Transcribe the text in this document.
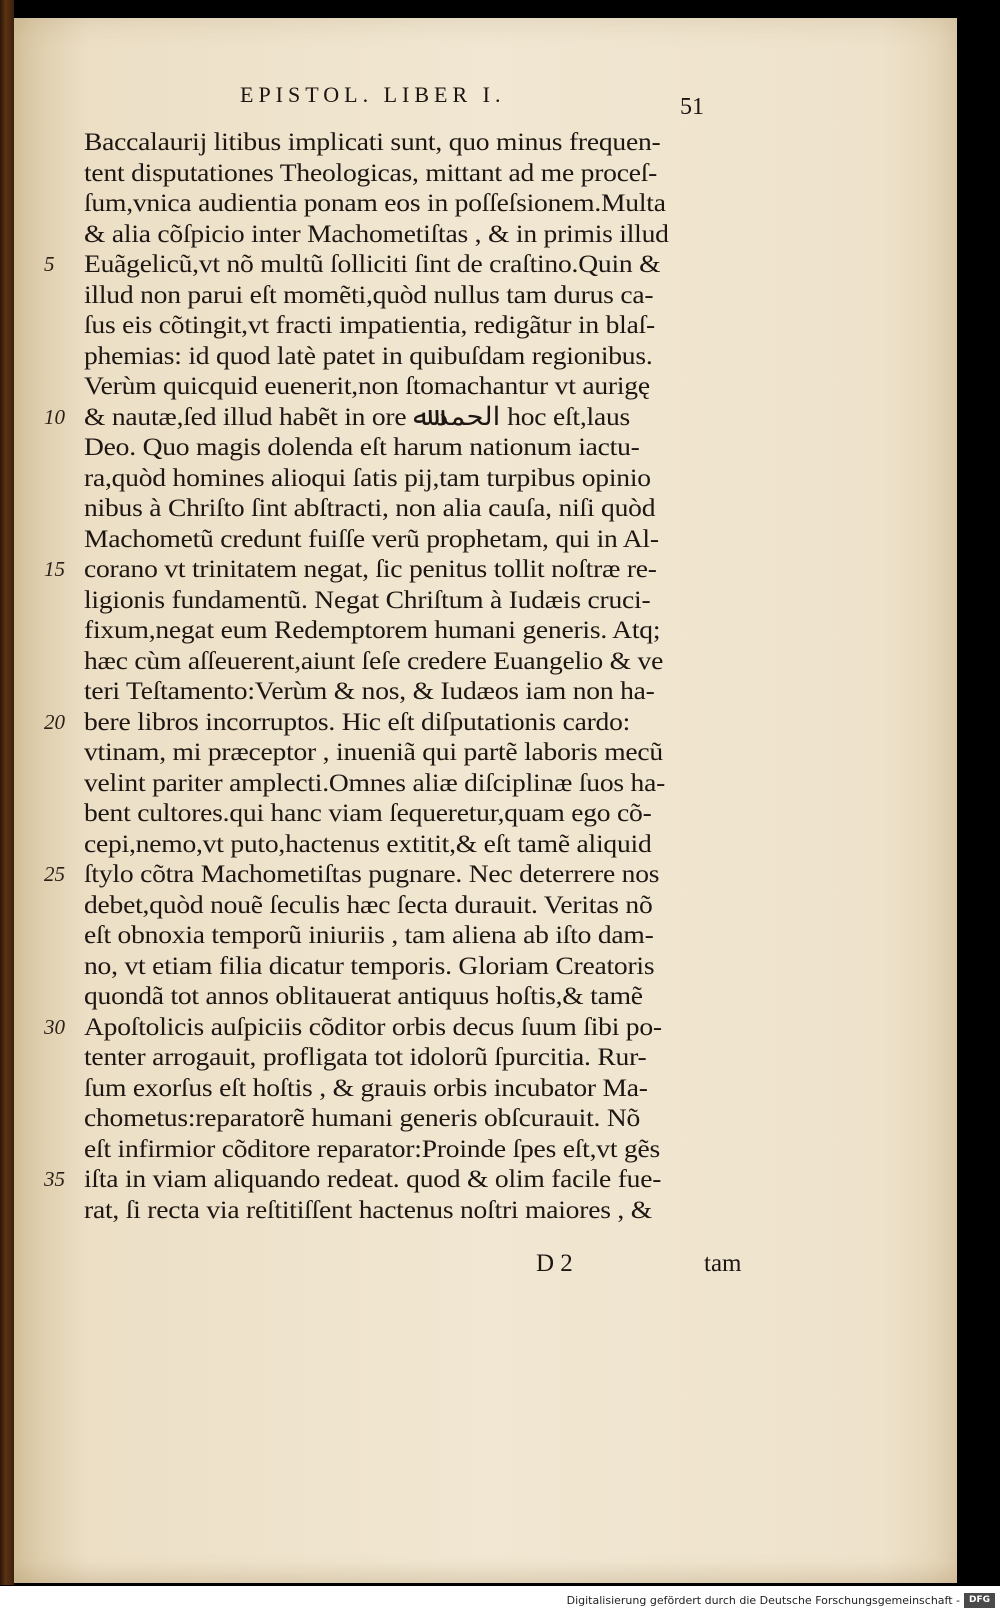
EPISTOL. LIBER I.	51
Baccalaurij litibus implicati sunt, quo minus frequen-
tent disputationes Theologicas, mittant ad me proceſ-
ſum,vnica audientia ponam eos in poſſeſsionem.Multa
& alia cõſpicio inter Machometiſtas , & in primis illud
Euãgelicũ,vt nõ multũ ſolliciti ſint de craſtino.Quin &
illud non parui eſt momẽti,quòd nullus tam durus ca-
ſus eis cõtingit,vt fracti impatientia, redigãtur in blaſ-
phemias: id quod latè patet in quibuſdam regionibus.
Verùm quicquid euenerit,non ſtomachantur vt aurigę
& nautæ,ſed illud habẽt in ore ﺍﻟﺤﻤﺪ ﷲ hoc eſt,laus
Deo. Quo magis dolenda eſt harum nationum iactu-
ra,quòd homines alioqui ſatis pij,tam turpibus opinio
nibus à Chriſto ſint abſtracti, non alia cauſa, niſi quòd
Machometũ credunt fuiſſe verũ prophetam, qui in Al-
corano vt trinitatem negat, ſic penitus tollit noſtræ re-
ligionis fundamentũ. Negat Chriſtum à Iudæis cruci-
fixum,negat eum Redemptorem humani generis. Atq;
hæc cùm aſſeuerent,aiunt ſeſe credere Euangelio & ve
teri Teſtamento:Verùm & nos, & Iudæos iam non ha-
bere libros incorruptos. Hic eſt diſputationis cardo:
vtinam, mi præceptor , inueniã qui partẽ laboris mecũ
velint pariter amplecti.Omnes aliæ diſciplinæ ſuos ha-
bent cultores.qui hanc viam ſequeretur,quam ego cõ-
cepi,nemo,vt puto,hactenus extitit,& eſt tamẽ aliquid
ſtylo cõtra Machometiſtas pugnare. Nec deterrere nos
debet,quòd nouẽ ſeculis hæc ſecta durauit. Veritas nõ
eſt obnoxia temporũ iniuriis , tam aliena ab iſto dam-
no, vt etiam filia dicatur temporis. Gloriam Creatoris
quondã tot annos oblitauerat antiquus hoſtis,& tamẽ
Apoſtolicis auſpiciis cõditor orbis decus ſuum ſibi po-
tenter arrogauit, profligata tot idolorũ ſpurcitia. Rur-
ſum exorſus eſt hoſtis , & grauis orbis incubator Ma-
chometus:reparatorẽ humani generis obſcurauit. Nõ
eſt infirmior cõditore reparator:Proinde ſpes eſt,vt gẽs
iſta in viam aliquando redeat. quod & olim facile fue-
rat, ſi recta via reſtitiſſent hactenus noſtri maiores , &
5
10
15
20
25
30
35
D 2	tam
Digitalisierung gefördert durch die Deutsche Forschungsgemeinschaft - DFG
